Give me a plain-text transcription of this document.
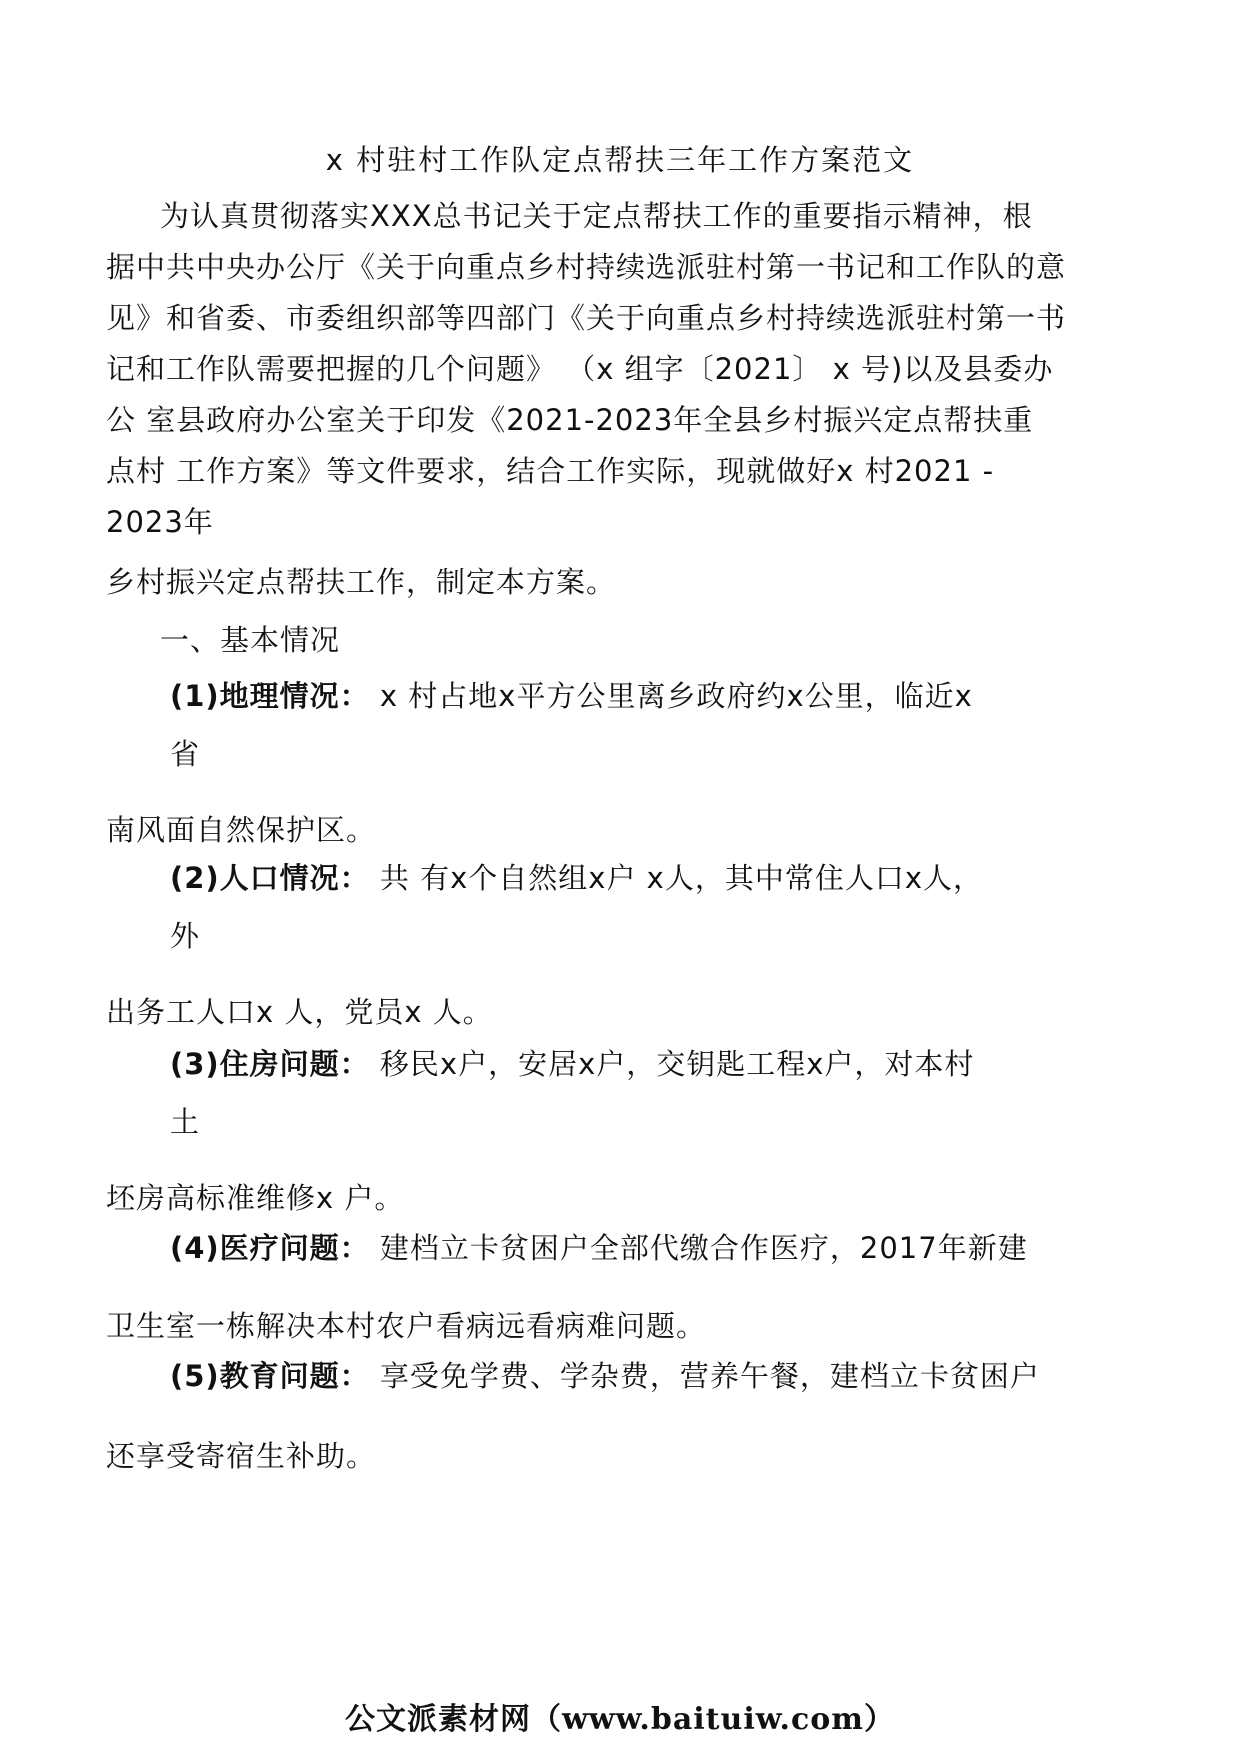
x 村驻村工作队定点帮扶三年工作方案范文
为认真贯彻落实XXX总书记关于定点帮扶工作的重要指示精神，根
据中共中央办公厅《关于向重点乡村持续选派驻村第一书记和工作队的意
见》和省委、市委组织部等四部门《关于向重点乡村持续选派驻村第一书
记和工作队需要把握的几个问题》 （x 组字〔2021〕 x 号)以及县委办
公 室县政府办公室关于印发《2021-2023年全县乡村振兴定点帮扶重
点村 工作方案》等文件要求，结合工作实际，现就做好x 村2021 -
2023年
乡村振兴定点帮扶工作，制定本方案。
一、基本情况
(1)地理情况： x 村占地x平方公里离乡政府约x公里，临近x
省
南风面自然保护区。
(2)人口情况： 共 有x个自然组x户 x人，其中常住人口x人，
外
出务工人口x 人，党员x 人。
(3)住房问题： 移民x户，安居x户，交钥匙工程x户，对本村
土
坯房高标准维修x 户。
(4)医疗问题： 建档立卡贫困户全部代缴合作医疗，2017年新建
卫生室一栋解决本村农户看病远看病难问题。
(5)教育问题： 享受免学费、学杂费，营养午餐，建档立卡贫困户
还享受寄宿生补助。
公文派素材网（www.baituiw.com）
